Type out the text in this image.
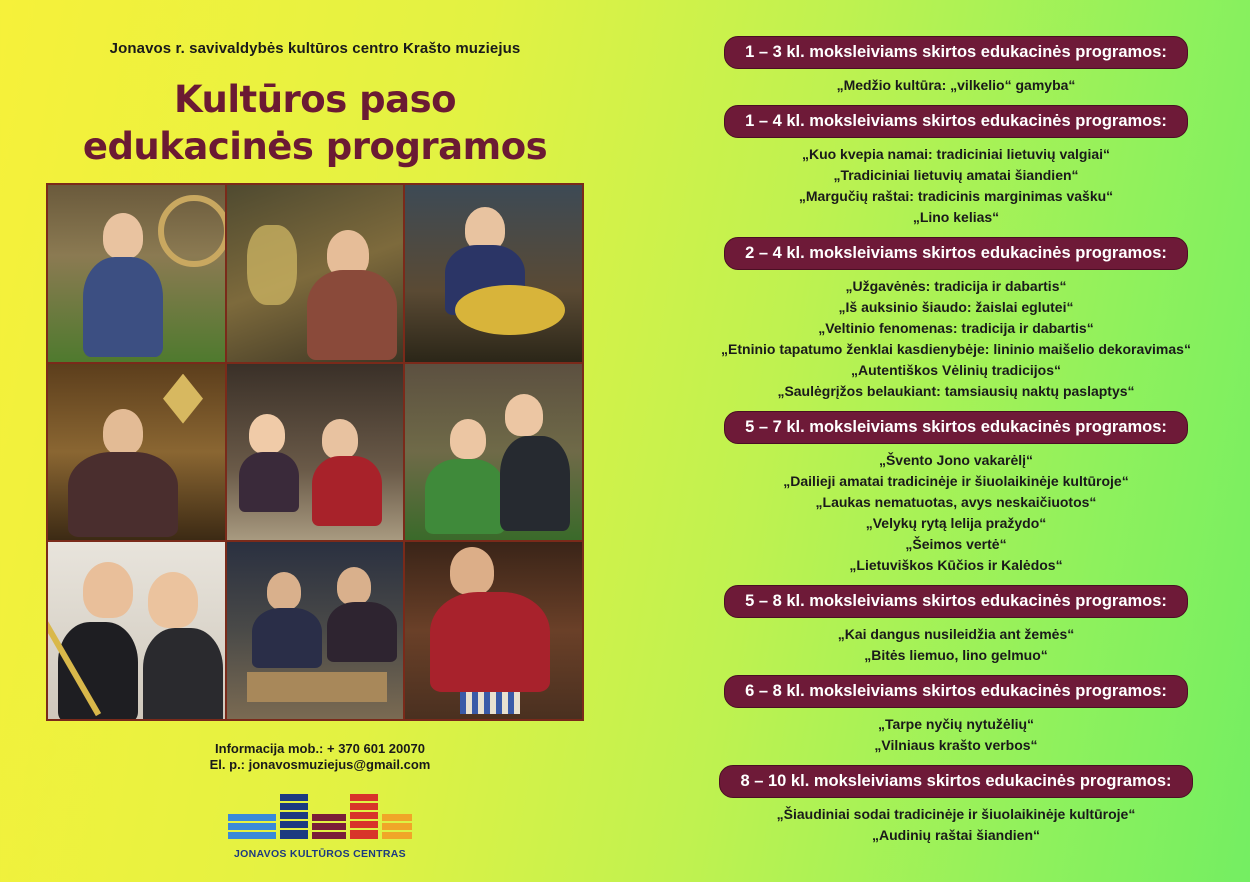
Jonavos r. savivaldybės kultūros centro Krašto muziejus
Kultūros paso
edukacinės programos
Informacija mob.: + 370 601 20070
El. p.: jonavosmuziejus@gmail.com
JONAVOS KULTŪROS CENTRAS
1 – 3 kl. moksleiviams skirtos edukacinės programos:
„Medžio kultūra: „vilkelio“ gamyba“
1 – 4 kl. moksleiviams skirtos edukacinės programos:
„Kuo kvepia namai: tradiciniai lietuvių valgiai“
„Tradiciniai lietuvių amatai šiandien“
„Margučių raštai: tradicinis marginimas vašku“
„Lino kelias“
2 – 4 kl. moksleiviams skirtos edukacinės programos:
„Užgavėnės: tradicija ir dabartis“
„Iš auksinio šiaudo: žaislai eglutei“
„Veltinio fenomenas: tradicija ir dabartis“
„Etninio tapatumo ženklai kasdienybėje: lininio maišelio dekoravimas“
„Autentiškos Vėlinių tradicijos“
„Saulėgrįžos belaukiant: tamsiausių naktų paslaptys“
5 – 7 kl. moksleiviams skirtos edukacinės programos:
„Švento Jono vakarėlį“
„Dailieji amatai tradicinėje ir šiuolaikinėje kultūroje“
„Laukas nematuotas, avys neskaičiuotos“
„Velykų rytą lelija pražydo“
„Šeimos vertė“
„Lietuviškos Kūčios ir Kalėdos“
5 – 8 kl. moksleiviams skirtos edukacinės programos:
„Kai dangus nusileidžia ant žemės“
„Bitės liemuo, lino gelmuo“
6 – 8 kl. moksleiviams skirtos edukacinės programos:
„Tarpe nyčių nytužėlių“
„Vilniaus krašto verbos“
8 – 10 kl. moksleiviams skirtos edukacinės programos:
„Šiaudiniai sodai tradicinėje ir šiuolaikinėje kultūroje“
„Audinių raštai šiandien“
